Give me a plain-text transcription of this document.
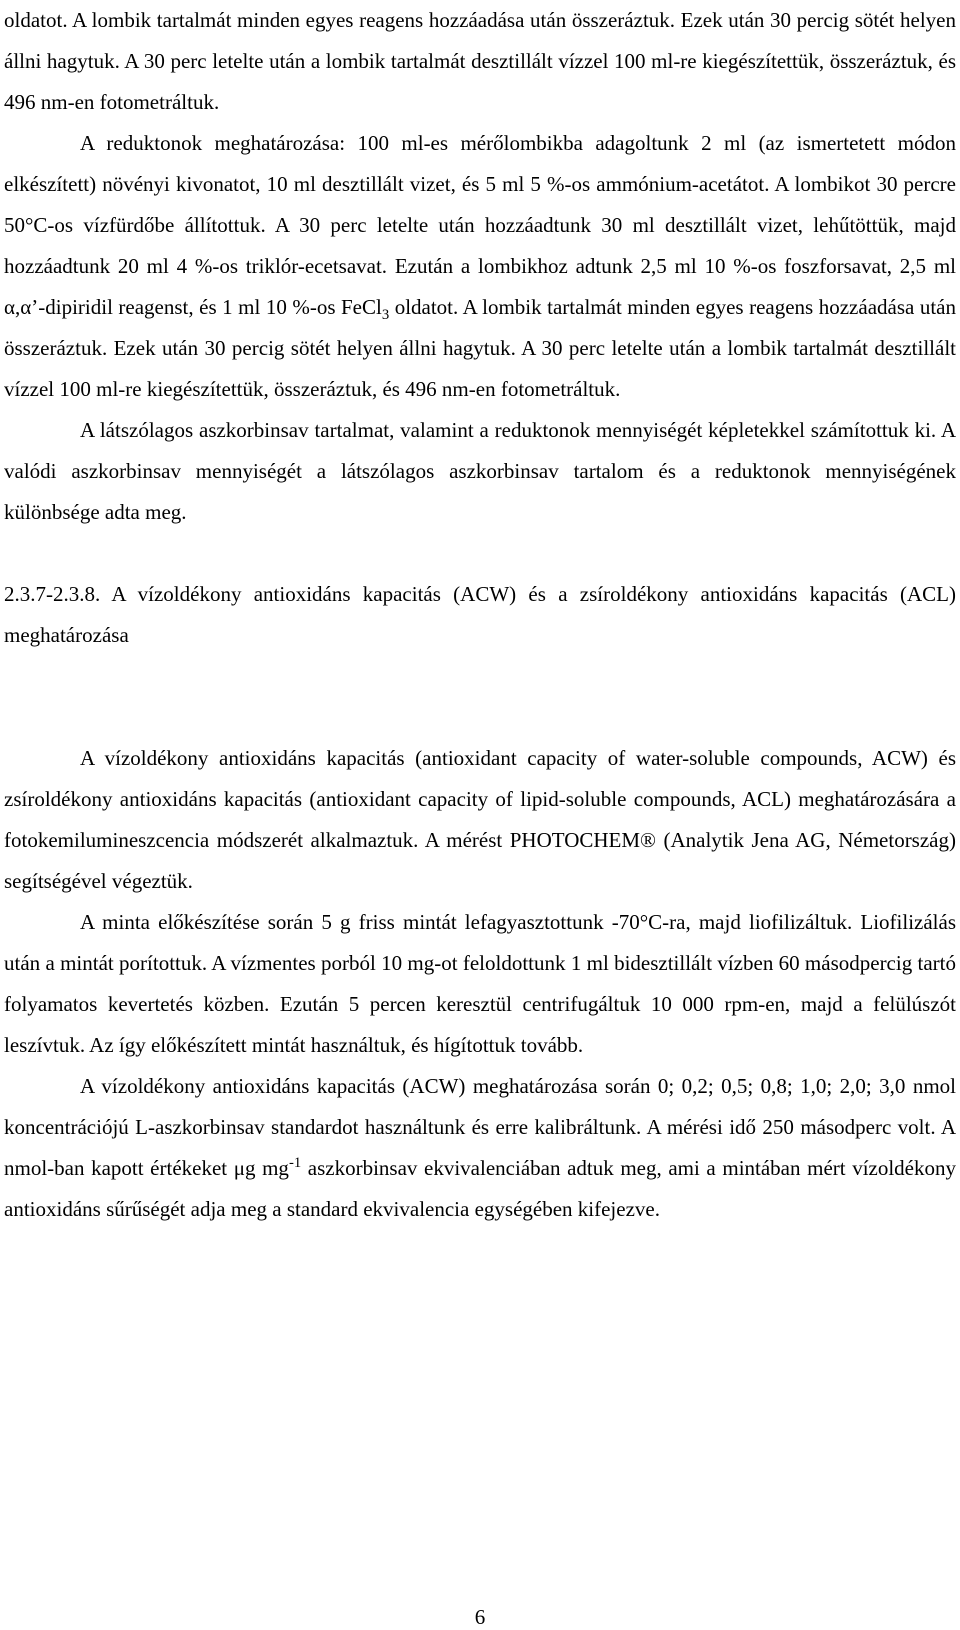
oldatot. A lombik tartalmát minden egyes reagens hozzáadása után összeráztuk. Ezek után 30 percig sötét helyen állni hagytuk. A 30 perc letelte után a lombik tartalmát desztillált vízzel 100 ml-re kiegészítettük, összeráztuk, és 496 nm-en fotometráltuk.

A reduktonok meghatározása: 100 ml-es mérőlombikba adagoltunk 2 ml (az ismertetett módon elkészített) növényi kivonatot, 10 ml desztillált vizet, és 5 ml 5 %-os ammónium-acetátot. A lombikot 30 percre 50°C-os vízfürdőbe állítottuk. A 30 perc letelte után hozzáadtunk 30 ml desztillált vizet, lehűtöttük, majd hozzáadtunk 20 ml 4 %-os triklór-ecetsavat. Ezután a lombikhoz adtunk 2,5 ml 10 %-os foszforsavat, 2,5 ml α,α’-dipiridil reagenst, és 1 ml 10 %-os FeCl$_3$ oldatot. A lombik tartalmát minden egyes reagens hozzáadása után összeráztuk. Ezek után 30 percig sötét helyen állni hagytuk. A 30 perc letelte után a lombik tartalmát desztillált vízzel 100 ml-re kiegészítettük, összeráztuk, és 496 nm-en fotometráltuk.

A látszólagos aszkorbinsav tartalmat, valamint a reduktonok mennyiségét képletekkel számítottuk ki. A valódi aszkorbinsav mennyiségét a látszólagos aszkorbinsav tartalom és a reduktonok mennyiségének különbsége adta meg.

2.3.7-2.3.8. A vízoldékony antioxidáns kapacitás (ACW) és a zsíroldékony antioxidáns kapacitás (ACL) meghatározása

A vízoldékony antioxidáns kapacitás (antioxidant capacity of water-soluble compounds, ACW) és zsíroldékony antioxidáns kapacitás (antioxidant capacity of lipid-soluble compounds, ACL) meghatározására a fotokemilumineszcencia módszerét alkalmaztuk. A mérést PHOTOCHEM® (Analytik Jena AG, Németország) segítségével végeztük.

A minta előkészítése során 5 g friss mintát lefagyasztottunk -70°C-ra, majd liofilizáltuk. Liofilizálás után a mintát porítottuk. A vízmentes porból 10 mg-ot feloldottunk 1 ml bidesztillált vízben 60 másodpercig tartó folyamatos kevertetés közben. Ezután 5 percen keresztül centrifugáltuk 10 000 rpm-en, majd a felülúszót leszívtuk. Az így előkészített mintát használtuk, és hígítottuk tovább.

A vízoldékony antioxidáns kapacitás (ACW) meghatározása során 0; 0,2; 0,5; 0,8; 1,0; 2,0; 3,0 nmol koncentrációjú L-aszkorbinsav standardot használtunk és erre kalibráltunk. A mérési idő 250 másodperc volt. A nmol-ban kapott értékeket μg $mg^{-1}$ aszkorbinsav ekvivalenciában adtuk meg, ami a mintában mért vízoldékony antioxidáns sűrűségét adja meg a standard ekvivalencia egységében kifejezve.

6
